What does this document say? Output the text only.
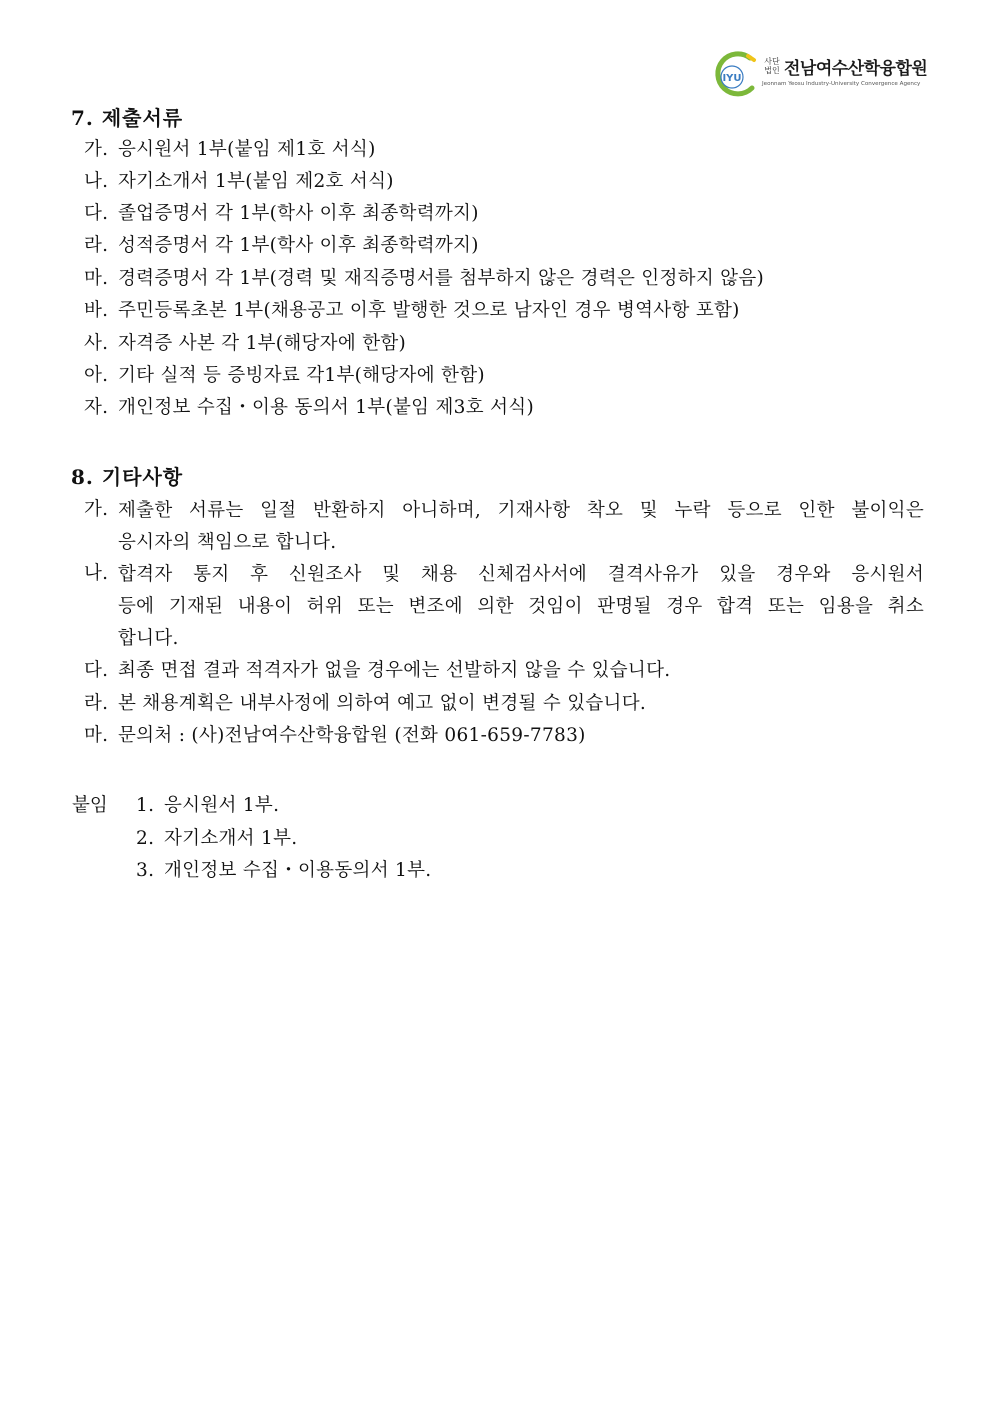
IYU
사단
법인 전남여수산학융합원
Jeonnam Yeosu Industry-University Convergence Agency
7. 제출서류
가. 응시원서 1부(붙임 제1호 서식)
나. 자기소개서 1부(붙임 제2호 서식)
다. 졸업증명서 각 1부(학사 이후 최종학력까지)
라. 성적증명서 각 1부(학사 이후 최종학력까지)
마. 경력증명서 각 1부(경력 및 재직증명서를 첨부하지 않은 경력은 인정하지 않음)
바. 주민등록초본 1부(채용공고 이후 발행한 것으로 남자인 경우 병역사항 포함)
사. 자격증 사본 각 1부(해당자에 한함)
아. 기타 실적 등 증빙자료 각1부(해당자에 한함)
자. 개인정보 수집・이용 동의서 1부(붙임 제3호 서식)
8. 기타사항
가. 제출한 서류는 일절 반환하지 아니하며, 기재사항 착오 및 누락 등으로 인한 불이익은
응시자의 책임으로 합니다.
나. 합격자 통지 후 신원조사 및 채용 신체검사서에 결격사유가 있을 경우와 응시원서
등에 기재된 내용이 허위 또는 변조에 의한 것임이 판명될 경우 합격 또는 임용을 취소
합니다.
다. 최종 면접 결과 적격자가 없을 경우에는 선발하지 않을 수 있습니다.
라. 본 채용계획은 내부사정에 의하여 예고 없이 변경될 수 있습니다.
마. 문의처 : (사)전남여수산학융합원 (전화 061-659-7783)
붙임 1. 응시원서 1부.
2. 자기소개서 1부.
3. 개인정보 수집・이용동의서 1부.
